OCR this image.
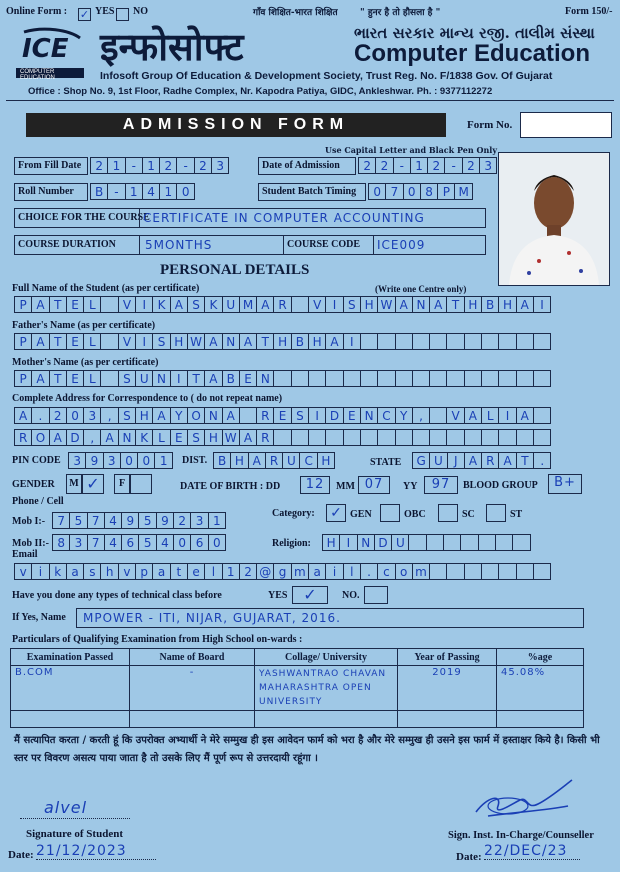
Online Form : ✓ YES NO	गाँव शिक्षित-भारत शिक्षित " हुनर है तो हौसला है "	Form 150/-
ICE
COMPUTER EDUCATION
इन्फोसोफ्ट	ભારત સરકાર માન્ય રજી. તાલીમ સંસ્થા
Computer Education
Infosoft Group Of Education & Development Society, Trust Reg. No. F/1838 Gov. Of Gujarat
Office : Shop No. 9, 1st Floor, Radhe Complex, Nr. Kapodra Patiya, GIDC, Ankleshwar. Ph. : 9377112272
ADMISSION FORM	Form No.
Use Capital Letter and Black Pen Only
From Fill Date	2 1 - 1 2 - 2 3	Date of Admission	2 2 - 1 2 - 2 3
Roll Number	B - 1 4 1 0	Student Batch Timing	0 7 0 8 P M
CHOICE FOR THE COURSE
CERTIFICATE IN COMPUTER ACCOUNTING
COURSE DURATION 5MONTHS	COURSE CODE ICE009
PERSONAL DETAILS
Full Name of the Student (as per certificate)	(Write one Centre only)
P A T E L	V I K A S K U M A R	V I S H W A N A T H B H A I
Father's Name (as per certificate)
P A T E L	V I S H W A N A T H B H A I
Mother's Name (as per certificate)
P A T E L	S U N I T A B E N
Complete Address for Correspondence to ( do not repeat name)
A . 2 0 3 , S H A Y O N A	R E S I D E N C Y ,	V A L	I A
R O A D , A N K L E S H W A R
PIN CODE	3 9 3 0 0 1	DIST. B H A R U C H	STATE	G U J A R A T .
GENDER	M ✓	F	DATE OF BIRTH : DD	12	MM 07	YY	97	BLOOD GROUP	B+
Phone / Cell
Mob I:-	7 5 7 4 9 5 9 2 3 1
Mob II:- 8 3 7 4 6 5 4 0 6 0
Category: ✓ GEN	OBC	SC	ST
Religion:	H I N D U
Email
v	i	k a s h v p a t e l 1 2 @ g m a i	l	.	c o m
Have you done any types of technical class before	YES ✓	NO.
If Yes, Name	MPOWER - ITI, NIJAR, GUJARAT, 2016.
Particulars of Qualifying Examination from High School on-wards :
Examination Passed	Name of Board	Collage/ University	Year of Passing	%age
B.COM	-	YASHWANTRAO CHAVAN MAHARASHTRA OPEN UNIVERSITY	2019	45.08%

मैं सत्यापित करता / करती हूं कि उपरोक्त अभ्यार्थी ने मेरे सम्मुख ही इस आवेदन फार्म को भरा है और मेरे सम्मुख ही उसने इस फार्म में हस्ताक्षर किये है। किसी भी स्तर पर विवरण असत्य पाया जाता है तो उसके लिए मैं पूर्ण रूप से उत्तरदायी रहूंगा ।
alvel
Signature of Student
Date: 21/12/2023
Sign. Inst. In-Charge/Counseller
Date: 22/DEC/23
